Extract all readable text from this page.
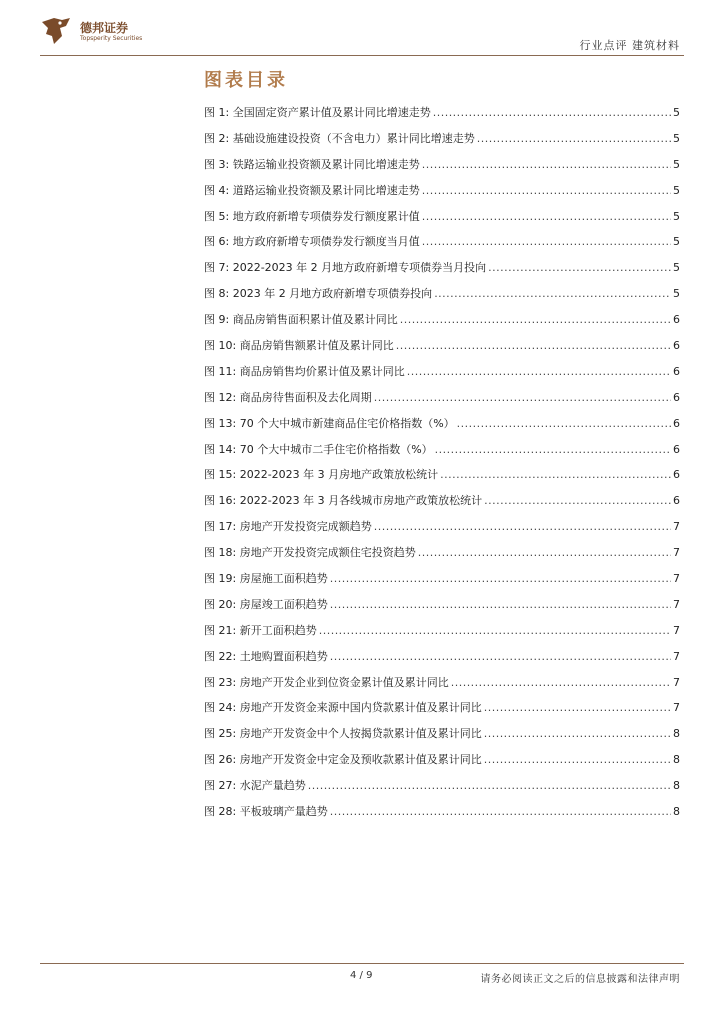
德邦证券
Topsperity Securities
行业点评 建筑材料
图表目录
图 1: 全国固定资产累计值及累计同比增速走势 .....	5
图 2: 基础设施建设投资（不含电力）累计同比增速走势 .....	5
图 3: 铁路运输业投资额及累计同比增速走势 .....	5
图 4: 道路运输业投资额及累计同比增速走势 .....	5
图 5: 地方政府新增专项债券发行额度累计值 .....	5
图 6: 地方政府新增专项债券发行额度当月值 .....	5
图 7: 2022-2023 年 2 月地方政府新增专项债券当月投向 .....	5
图 8: 2023 年 2 月地方政府新增专项债券投向 .....	5
图 9: 商品房销售面积累计值及累计同比 .....	6
图 10: 商品房销售额累计值及累计同比 .....	6
图 11: 商品房销售均价累计值及累计同比 .....	6
图 12: 商品房待售面积及去化周期 .....	6
图 13: 70 个大中城市新建商品住宅价格指数（%） .....	6
图 14: 70 个大中城市二手住宅价格指数（%） .....	6
图 15: 2022-2023 年 3 月房地产政策放松统计 .....	6
图 16: 2022-2023 年 3 月各线城市房地产政策放松统计 .....	6
图 17: 房地产开发投资完成额趋势 .....	7
图 18: 房地产开发投资完成额住宅投资趋势 .....	7
图 19: 房屋施工面积趋势 .....	7
图 20: 房屋竣工面积趋势 .....	7
图 21: 新开工面积趋势 .....	7
图 22: 土地购置面积趋势 .....	7
图 23: 房地产开发企业到位资金累计值及累计同比 .....	7
图 24: 房地产开发资金来源中国内贷款累计值及累计同比 .....	7
图 25: 房地产开发资金中个人按揭贷款累计值及累计同比 .....	8
图 26: 房地产开发资金中定金及预收款累计值及累计同比 .....	8
图 27: 水泥产量趋势 .....	8
图 28: 平板玻璃产量趋势 .....	8
4 / 9	请务必阅读正文之后的信息披露和法律声明
